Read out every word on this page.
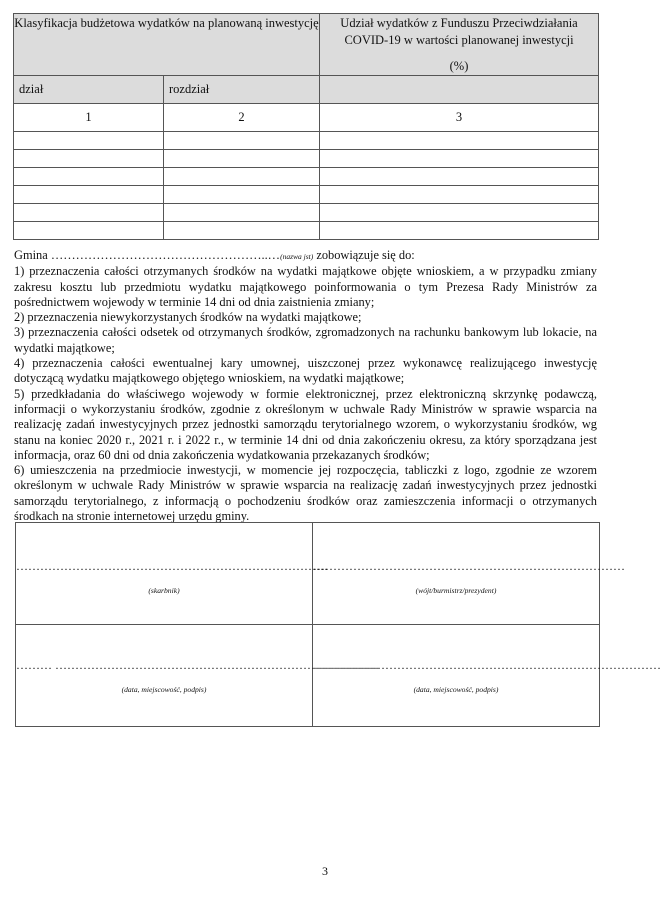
Klasyfikacja budżetowa wydatków na planowaną inwestycję		Udział wydatków z Funduszu Przeciwdziałania COVID-19 w wartości planowanej inwestycji
(%)

dział	rozdział	
1	2	3

Gmina ……………………………………………..…(nazwa jst) zobowiązuje się do:

1) przeznaczenia całości otrzymanych środków na wydatki majątkowe objęte wnioskiem, a w przypadku zmiany zakresu kosztu lub przedmiotu wydatku majątkowego poinformowania o tym Prezesa Rady Ministrów za pośrednictwem wojewody w terminie 14 dni od dnia zaistnienia zmiany;

2) przeznaczenia niewykorzystanych środków na wydatki majątkowe;

3) przeznaczenia całości odsetek od otrzymanych środków, zgromadzonych na rachunku bankowym lub lokacie, na wydatki majątkowe;

4) przeznaczenia całości ewentualnej kary umownej, uiszczonej przez wykonawcę realizującego inwestycję dotyczącą wydatku majątkowego objętego wnioskiem, na wydatki majątkowe;

5) przedkładania do właściwego wojewody w formie elektronicznej, przez elektroniczną skrzynkę podawczą, informacji o wykorzystaniu środków, zgodnie z określonym w uchwale Rady Ministrów w sprawie wsparcia na realizację zadań inwestycyjnych przez jednostki samorządu terytorialnego wzorem, o wykorzystaniu środków, wg stanu na koniec 2020 r., 2021 r. i 2022 r., w terminie 14 dni od dnia zakończeniu okresu, za który sporządzana jest informacja, oraz 60 dni od dnia zakończenia wydatkowania przekazanych środków;

6) umieszczenia na przedmiocie inwestycji, w momencie jej rozpoczęcia, tabliczki z logo, zgodnie ze wzorem określonym w uchwale Rady Ministrów w sprawie wsparcia na realizację zadań inwestycyjnych przez jednostki samorządu terytorialnego, z informacją o pochodzeniu środków oraz zamieszczenia informacji o otrzymanych środkach na stronie internetowej urzędu gminy.

……………………………………………………………………
(skarbnik)	……………………………………………………………………
(wójt/burmistrz/prezydent)

……… ………………………………………………………………………
(data, miejscowość, podpis)	……………………………………………………………………………
(data, miejscowość, podpis)
3
